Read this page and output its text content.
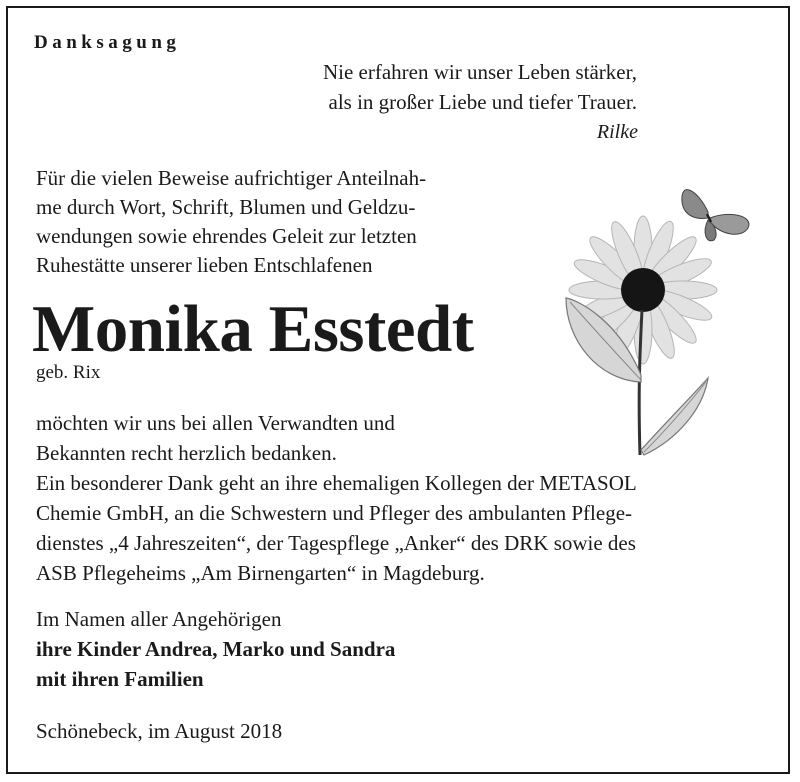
Danksagung
Nie erfahren wir unser Leben stärker,
als in großer Liebe und tiefer Trauer.
Rilke
Für die vielen Beweise aufrichtiger Anteilnah-
me durch Wort, Schrift, Blumen und Geldzu-
wendungen sowie ehrendes Geleit zur letzten
Ruhestätte unserer lieben Entschlafenen
Monika Esstedt
geb. Rix
möchten wir uns bei allen Verwandten und
Bekannten recht herzlich bedanken.
Ein besonderer Dank geht an ihre ehemaligen Kollegen der METASOL
Chemie GmbH, an die Schwestern und Pfleger des ambulanten Pflege-
dienstes „4 Jahreszeiten“, der Tagespflege „Anker“ des DRK sowie des
ASB Pflegeheims „Am Birnengarten“ in Magdeburg.
Im Namen aller Angehörigen
ihre Kinder Andrea, Marko und Sandra
mit ihren Familien
Schönebeck, im August 2018
